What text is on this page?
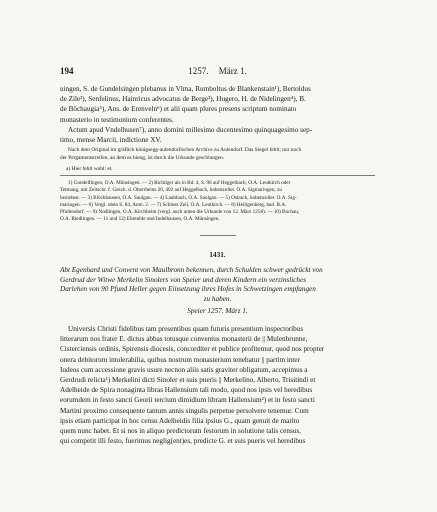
194	1257. März 1.

uingen, S. de Gundelsingen plebanus in Vlma, Rumboltus de Blankenstain¹), Bertoldus

de Zile²), Senfelinus, Hainricus advocatus de Berge³), Hugero, H. de Nidelingen⁴), B.

de Böchaugia⁵), Ans. de Erenveln⁶) et alii quam plures presens scriptum nominato

monasterio in testimonium conferentes.

Actum apud Vndelhusen⁷), anno domini millesimo ducentesimo quinquagesimo sep-

timo, mense Marcii, indictione XV.

Nach dem Original im gräflich königsegg-aulendorfischen Archive zu Aulendorf. Das Siegel fehlt; nur noch

der Pergamentstreifen, an dem es hieng, ist durch die Urkunde geschlungen.

a) Hier fehlt wohl: et.

1) Gundelfingen, O.A. Münsingen. — 2) Richtiger als in Bd. 4, S. 90 auf Heggelbach, O.A. Leutkirch oder

Tettnang, mit Zeitschr. f. Gesch. d. Oberrheins 26, 402 auf Heggelbach, hohenzoller. O.A. Sigmaringen, zu

beziehen. — 3) Blöchhausen, O.A. Saulgau. — 4) Laubbach, O.A. Saulgau. — 5) Ostrach, hohenzoller. O.A. Sig-

maringen. — 6) Vergl. oben S. 84, Anm. 2. — 7) Schloss Zeil, O.A. Leutkirch. — 8) Heiligenberg, bad. B.A.

Pfullendorf. — 9) Nodlingen, O.A. Kirchheim (vergl. auch unten die Urkunde von 12. März 1258). — 10) Buchau,

O.A. Riedlingen. — 11 und 12) Ehrenble und Indelhausen, O.A. Münsingen.

1431.

Abt Egenhard und Convent von Maulbronn bekennen, durch Schulden schwer gedrückt von

Gerdrud der Witwe Merkelin Sinolers von Speier und deren Kindern ein verzinsliches

Darlehen von 90 Pfund Heller gegen Einsetzung ihres Hofes in Schwetzingen empfangen

zu haben.

Speier 1257. März 1.

Universis Christi fidelibus tam presentibus quam futuris presentium inspectoribus

litterarum nos frater E. dictus abbas totusque conventus monasterii de || Mulenbrunne,

Cisterciensis ordinis, Spirensis diocesis, concorditer et publice profitemur, quod nos propter

onera debitorum intolerabilia, quibus nostrum monasterium tenebatur || partim inter

Iudeos cum accessione gravis usure necnon aliis satis graviter obligatum, accepimus a

Gerdrudi relicta¹) Merkelini dicti Sinoler et suis pueris || Merkelino, Alberto, Trisitindi et

Adelheide de Spira nonaginta libras Hallensium tali modo, quod nos ipsis vel heredibus

eorumdem in festo sancti Georii tercium dimidium libram Hallensium²) et in festo sancti

Martini proximo consequente tantum annis singulis perpetue persolvere tenemur. Cum

ipsis etiam participat in hoc censu Adelheidis filia ipsius G., quam genuit de marito

quem nunc habet. Et si nos in aliquo predictorum festorum in solutione talis census,

qui competit illi festo, fuerimus neglig(ent)es, predicte G. et suis pueris vel heredibus
